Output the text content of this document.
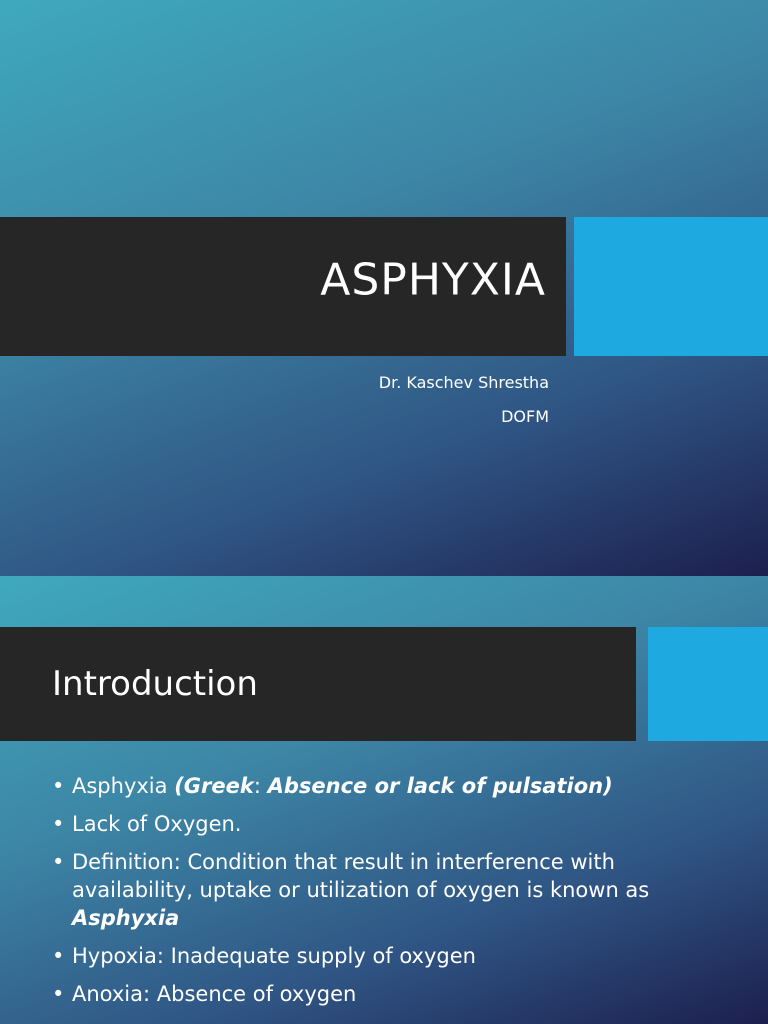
ASPHYXIA
Dr. Kaschev Shrestha
DOFM
Introduction
• Asphyxia (Greek: Absence or lack of pulsation)
• Lack of Oxygen.
• Definition: Condition that result in interference with availability, uptake or utilization of oxygen is known as Asphyxia
• Hypoxia: Inadequate supply of oxygen
• Anoxia: Absence of oxygen
